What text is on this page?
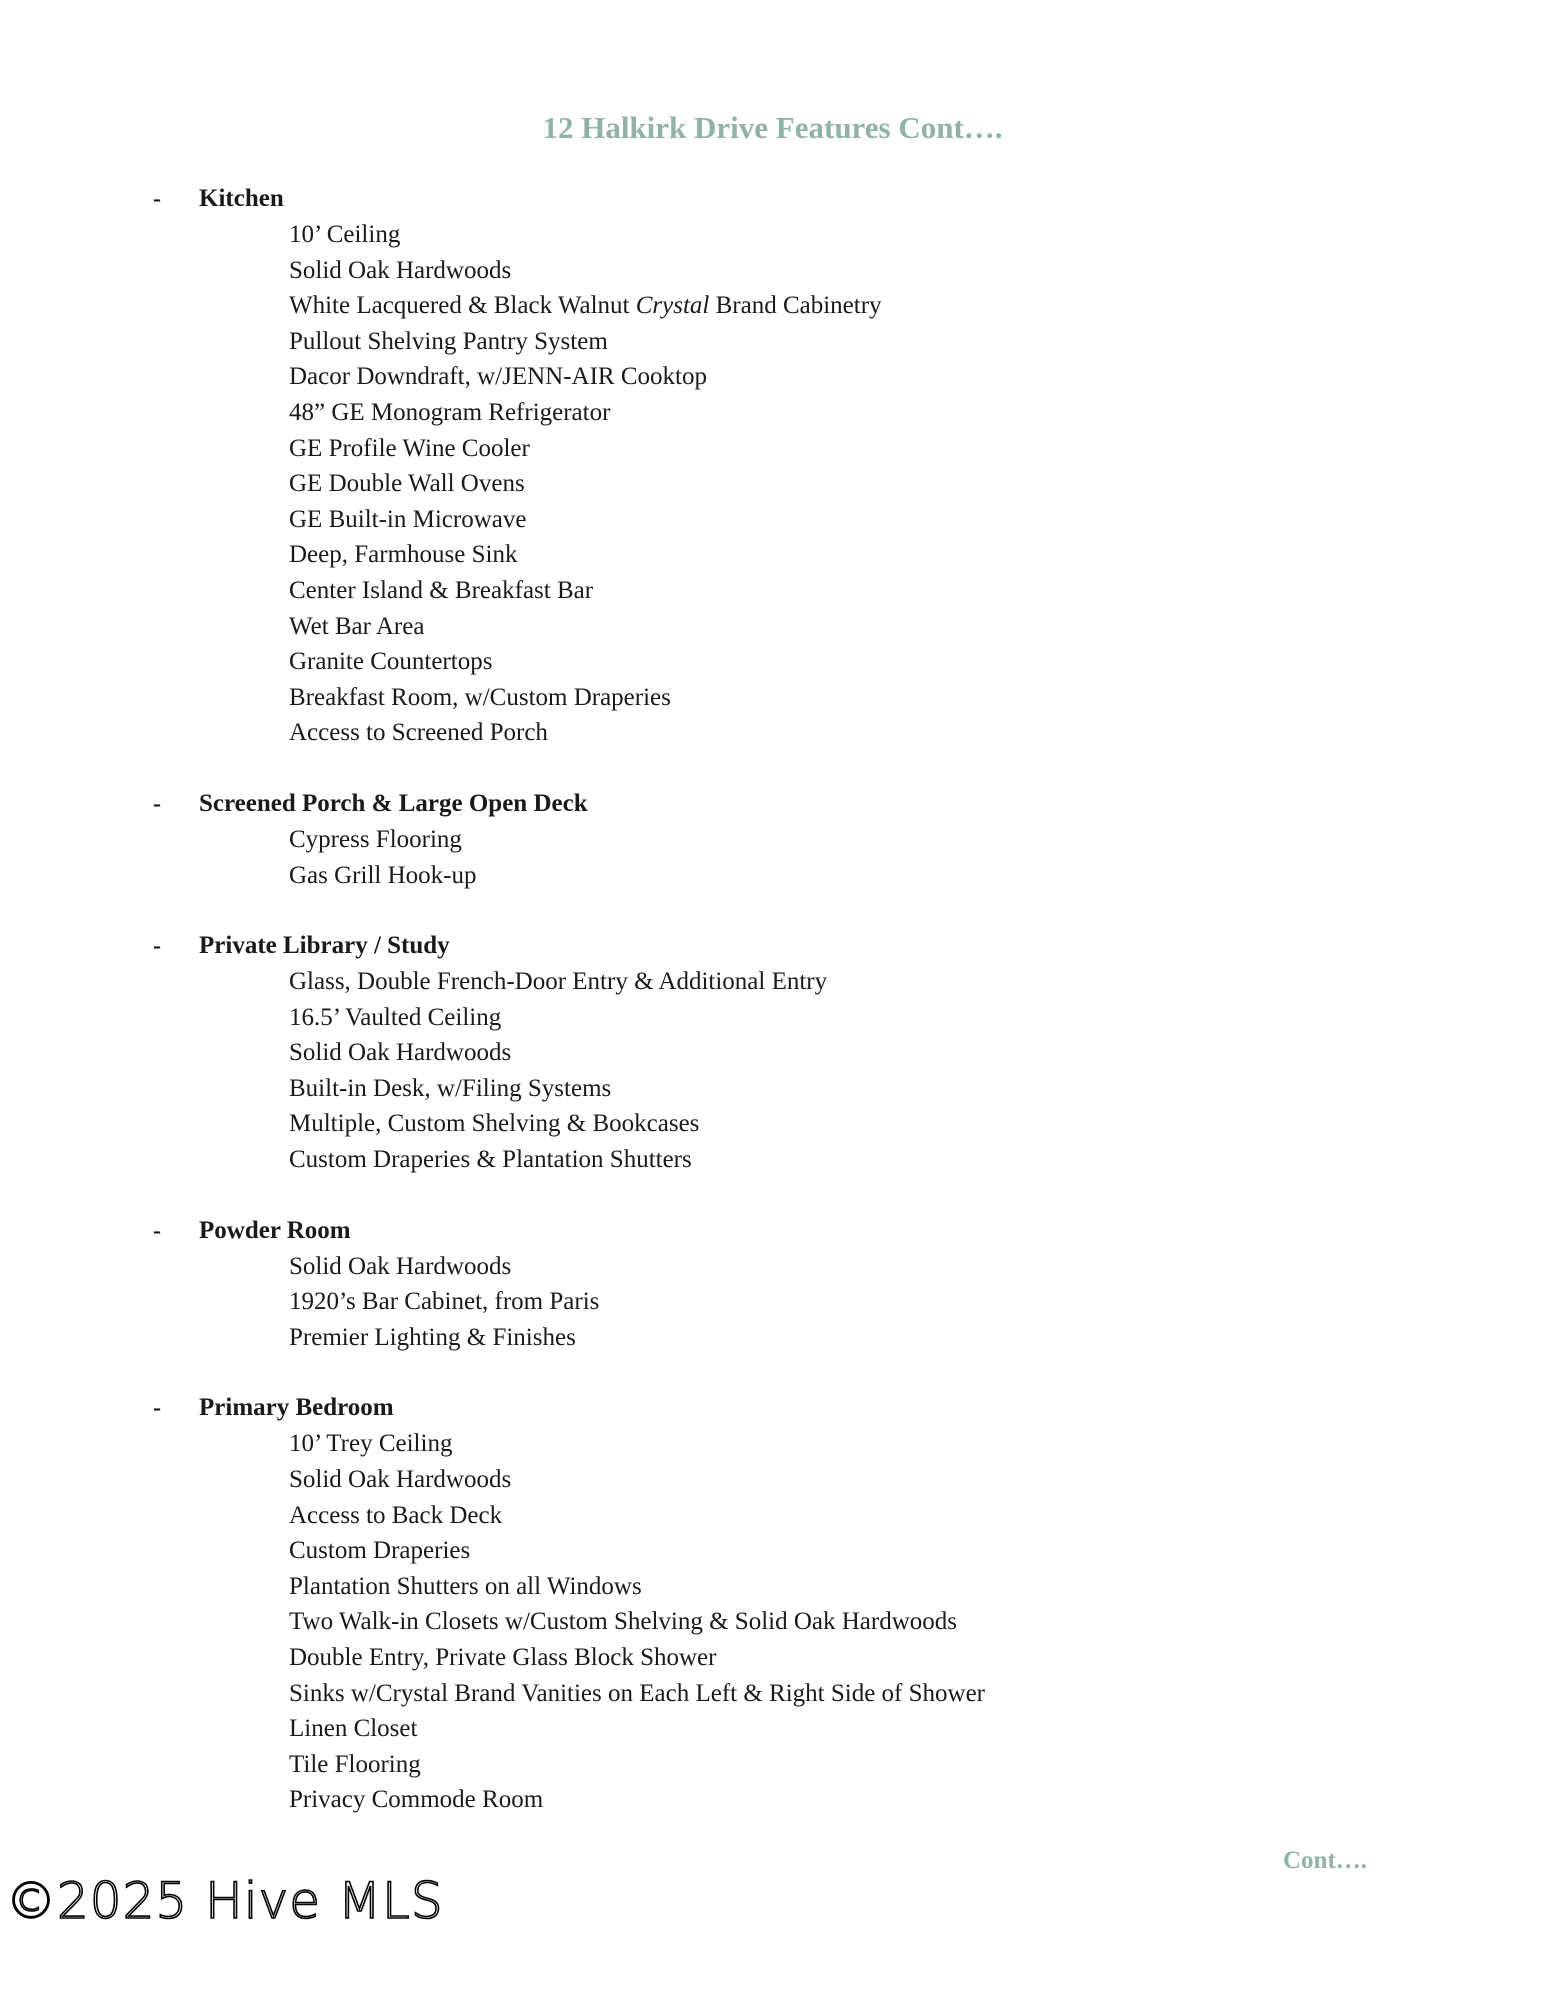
12 Halkirk Drive Features Cont….
- Kitchen
10’ Ceiling
Solid Oak Hardwoods
White Lacquered & Black Walnut Crystal Brand Cabinetry
Pullout Shelving Pantry System
Dacor Downdraft, w/JENN-AIR Cooktop
48” GE Monogram Refrigerator
GE Profile Wine Cooler
GE Double Wall Ovens
GE Built-in Microwave
Deep, Farmhouse Sink
Center Island & Breakfast Bar
Wet Bar Area
Granite Countertops
Breakfast Room, w/Custom Draperies
Access to Screened Porch
- Screened Porch & Large Open Deck
Cypress Flooring
Gas Grill Hook-up
- Private Library / Study
Glass, Double French-Door Entry & Additional Entry
16.5’ Vaulted Ceiling
Solid Oak Hardwoods
Built-in Desk, w/Filing Systems
Multiple, Custom Shelving & Bookcases
Custom Draperies & Plantation Shutters
- Powder Room
Solid Oak Hardwoods
1920’s Bar Cabinet, from Paris
Premier Lighting & Finishes
- Primary Bedroom
10’ Trey Ceiling
Solid Oak Hardwoods
Access to Back Deck
Custom Draperies
Plantation Shutters on all Windows
Two Walk-in Closets w/Custom Shelving & Solid Oak Hardwoods
Double Entry, Private Glass Block Shower
Sinks w/Crystal Brand Vanities on Each Left & Right Side of Shower
Linen Closet
Tile Flooring
Privacy Commode Room
Cont….
©2025 Hive MLS
